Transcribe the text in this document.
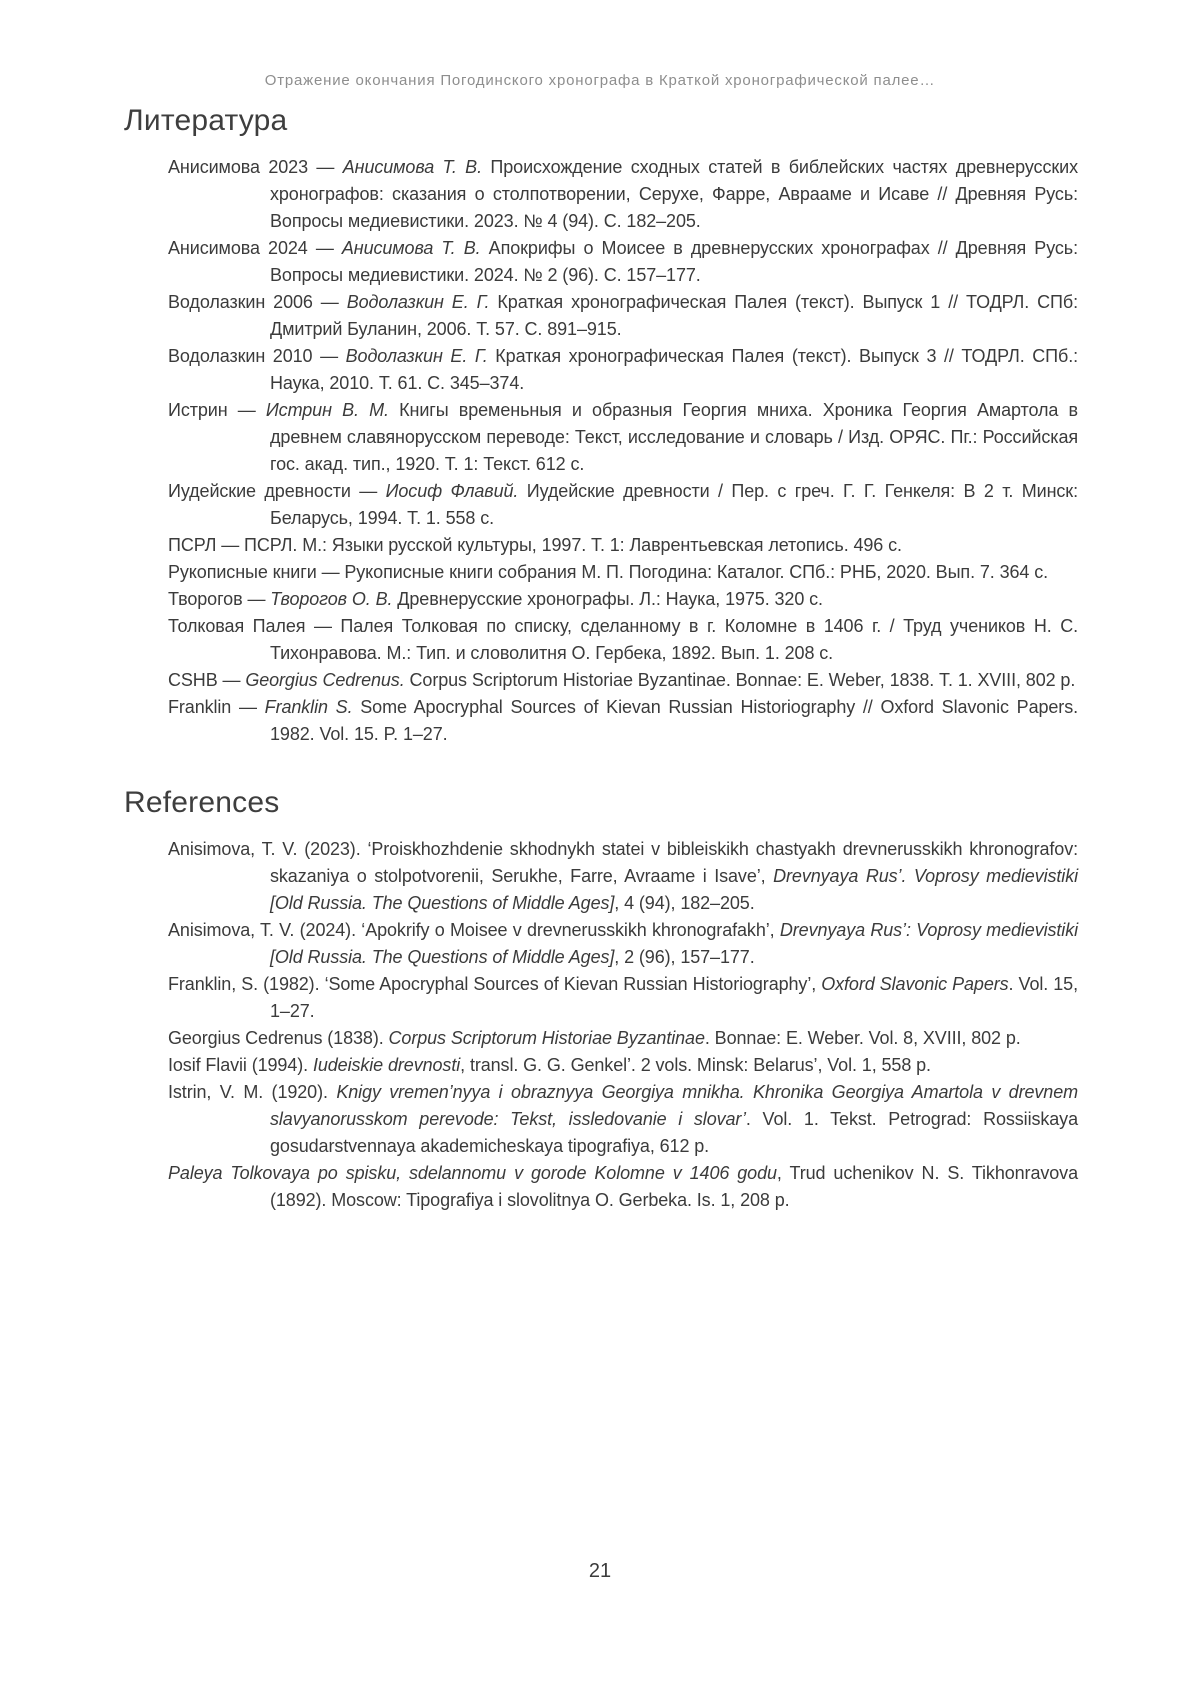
Отражение окончания Погодинского хронографа в Краткой хронографической палее…
Литература

Анисимова 2023 — Анисимова Т. В. Происхождение сходных статей в библейских частях древнерусских хронографов: сказания о столпотворении, Серухе, Фарре, Аврааме и Исаве // Древняя Русь: Вопросы медиевистики. 2023. № 4 (94). С. 182–205.

Анисимова 2024 — Анисимова Т. В. Апокрифы о Моисее в древнерусских хронографах // Древняя Русь: Вопросы медиевистики. 2024. № 2 (96). С. 157–177.

Водолазкин 2006 — Водолазкин Е. Г. Краткая хронографическая Палея (текст). Выпуск 1 // ТОДРЛ. СПб: Дмитрий Буланин, 2006. Т. 57. С. 891–915.

Водолазкин 2010 — Водолазкин Е. Г. Краткая хронографическая Палея (текст). Выпуск 3 // ТОДРЛ. СПб.: Наука, 2010. Т. 61. С. 345–374.

Истрин — Истрин В. М. Книгы временьныя и образныя Георгия мниха. Хроника Георгия Амартола в древнем славянорусском переводе: Текст, исследование и словарь / Изд. ОРЯС. Пг.: Российская гос. акад. тип., 1920. Т. 1: Текст. 612 с.

Иудейские древности — Иосиф Флавий. Иудейские древности / Пер. с греч. Г. Г. Генкеля: В 2 т. Минск: Беларусь, 1994. Т. 1. 558 с.

ПСРЛ — ПСРЛ. М.: Языки русской культуры, 1997. Т. 1: Лаврентьевская летопись. 496 с.

Рукописные книги — Рукописные книги собрания М. П. Погодина: Каталог. СПб.: РНБ, 2020. Вып. 7. 364 с.

Творогов — Творогов О. В. Древнерусские хронографы. Л.: Наука, 1975. 320 с.

Толковая Палея — Палея Толковая по списку, сделанному в г. Коломне в 1406 г. / Труд учеников Н. С. Тихонравова. М.: Тип. и словолитня О. Гербека, 1892. Вып. 1. 208 с.

CSHB — Georgius Cedrenus. Corpus Scriptorum Historiae Byzantinae. Bonnae: E. Weber, 1838. Т. 1. XVIII, 802 p.

Franklin — Franklin S. Some Apocryphal Sources of Kievan Russian Historiography // Oxford Slavonic Papers. 1982. Vol. 15. P. 1–27.

References

Anisimova, T. V. (2023). ‘Proiskhozhdenie skhodnykh statei v bibleiskikh chastyakh drevnerusskikh khronografov: skazaniya o stolpotvorenii, Serukhe, Farre, Avraame i Isave’, Drevnyaya Rus’. Voprosy medievistiki [Old Russia. The Questions of Middle Ages], 4 (94), 182–205.

Anisimova, T. V. (2024). ‘Apokrify o Moisee v drevnerusskikh khronografakh’, Drevnyaya Rus’: Voprosy medievistiki [Old Russia. The Questions of Middle Ages], 2 (96), 157–177.

Franklin, S. (1982). ‘Some Apocryphal Sources of Kievan Russian Historiography’, Oxford Slavonic Papers. Vol. 15, 1–27.

Georgius Cedrenus (1838). Corpus Scriptorum Historiae Byzantinae. Bonnae: E. Weber. Vol. 8, XVIII, 802 p.

Iosif Flavii (1994). Iudeiskie drevnosti, transl. G. G. Genkel’. 2 vols. Minsk: Belarus’, Vol. 1, 558 p.

Istrin, V. M. (1920). Knigy vremen’nyya i obraznyya Georgiya mnikha. Khronika Georgiya Amartola v drevnem slavyanorusskom perevode: Tekst, issledovanie i slovar’. Vol. 1. Tekst. Petrograd: Rossiiskaya gosudarstvennaya akademicheskaya tipografiya, 612 p.

Paleya Tolkovaya po spisku, sdelannomu v gorode Kolomne v 1406 godu, Trud uchenikov N. S. Tikhonravova (1892). Moscow: Tipografiya i slovolitnya O. Gerbeka. Is. 1, 208 p.

21
